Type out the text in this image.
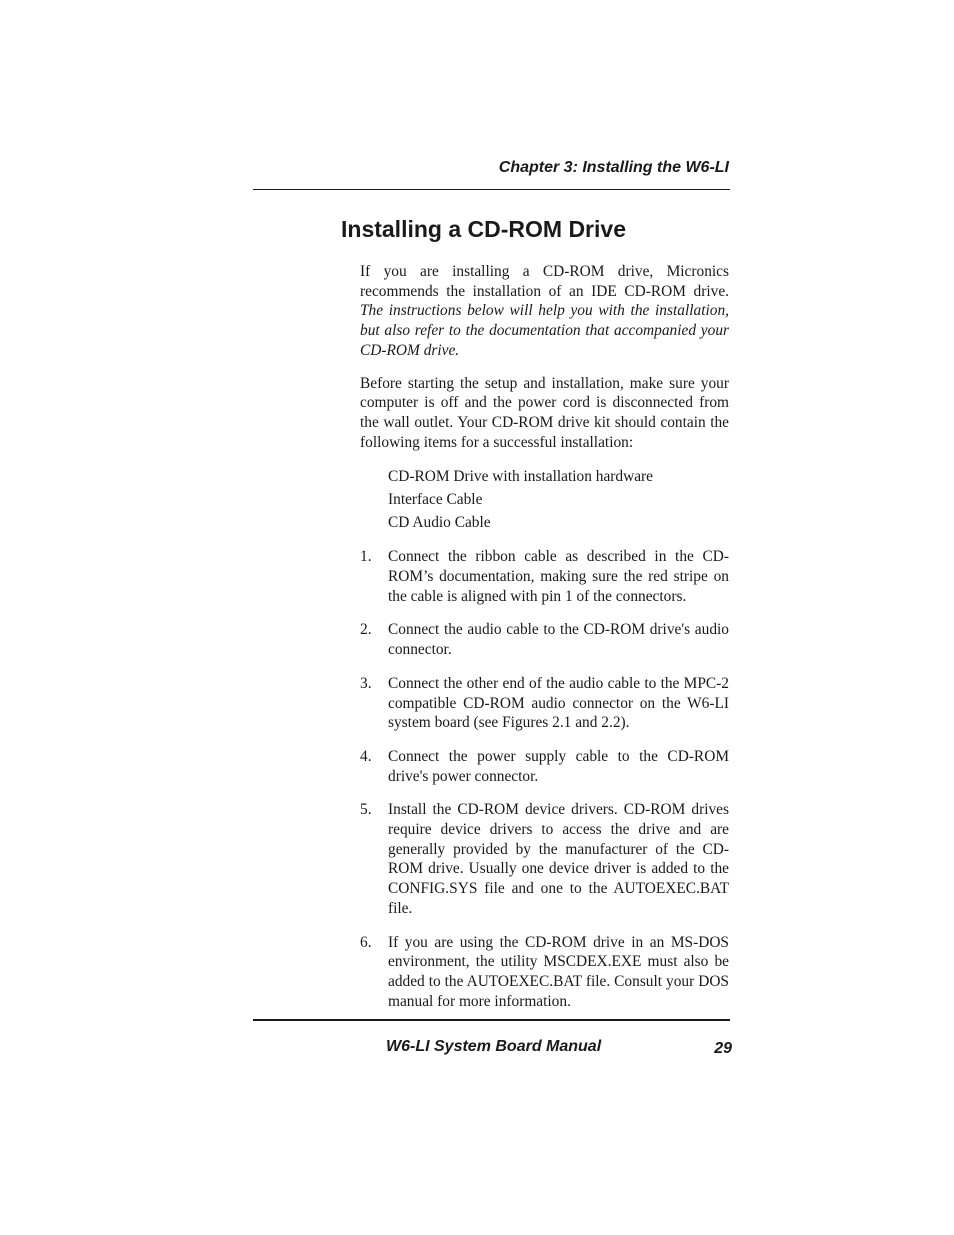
Chapter 3: Installing the W6-LI
Installing a CD-ROM Drive

If you are installing a CD-ROM drive, Micronics recommends the installation of an IDE CD-ROM drive. The instructions below will help you with the installation, but also refer to the documentation that accompanied your CD-ROM drive.

Before starting the setup and installation, make sure your computer is off and the power cord is disconnected from the wall outlet. Your CD-ROM drive kit should contain the following items for a successful installation:

CD-ROM Drive with installation hardware
Interface Cable
CD Audio Cable
1.	Connect the ribbon cable as described in the CD-ROM’s documentation, making sure the red stripe on the cable is aligned with pin 1 of the connectors.
2.	Connect the audio cable to the CD-ROM drive's audio connector.
3.	Connect the other end of the audio cable to the MPC-2 compatible CD-ROM audio connector on the W6-LI system board (see Figures 2.1 and 2.2).
4.	Connect the power supply cable to the CD-ROM drive's power connector.
5.	Install the CD-ROM device drivers. CD-ROM drives require device drivers to access the drive and are generally provided by the manufacturer of the CD-ROM drive. Usually one device driver is added to the CONFIG.SYS file and one to the AUTOEXEC.BAT file.
6.	If you are using the CD-ROM drive in an MS-DOS environment, the utility MSCDEX.EXE must also be added to the AUTOEXEC.BAT file. Consult your DOS manual for more information.
W6-LI System Board Manual	29
